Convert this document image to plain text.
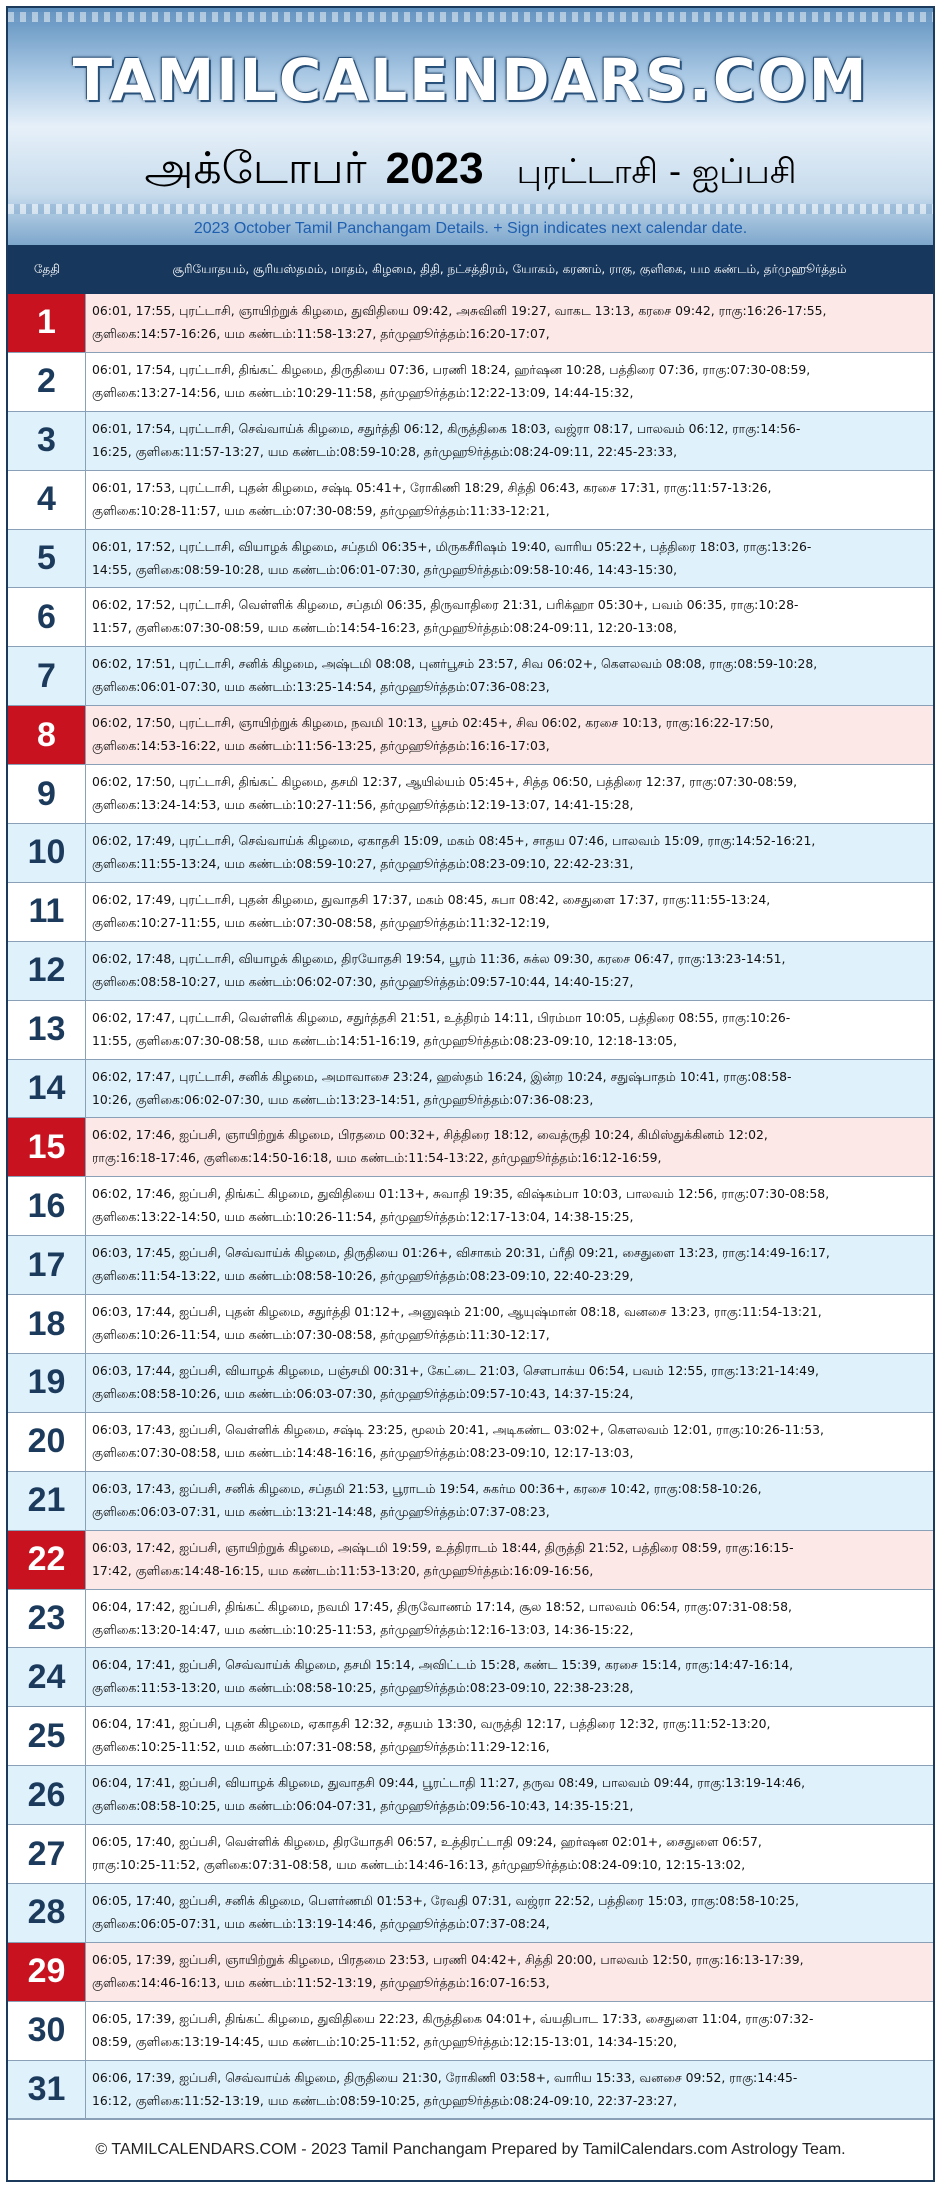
TAMILCALENDARS.COM
அக்டோபர் 2023 புரட்டாசி - ஐப்பசி
2023 October Tamil Panchangam Details. + Sign indicates next calendar date.
தேதி	சூரியோதயம், சூரியஸ்தமம், மாதம், கிழமை, திதி, நட்சத்திரம், யோகம், கரணம், ராகு, குளிகை, யம கண்டம், தர்முஹூர்த்தம்
1	06:01, 17:55, புரட்டாசி, ஞாயிற்றுக் கிழமை, துவிதியை 09:42, அசுவினி 19:27, வாகட 13:13, கரசை 09:42, ராகு:16:26-17:55,
குளிகை:14:57-16:26, யம கண்டம்:11:58-13:27, தர்முஹூர்த்தம்:16:20-17:07,
2	06:01, 17:54, புரட்டாசி, திங்கட் கிழமை, திருதியை 07:36, பரணி 18:24, ஹர்ஷன 10:28, பத்திரை 07:36, ராகு:07:30-08:59,
குளிகை:13:27-14:56, யம கண்டம்:10:29-11:58, தர்முஹூர்த்தம்:12:22-13:09, 14:44-15:32,
3	06:01, 17:54, புரட்டாசி, செவ்வாய்க் கிழமை, சதுர்த்தி 06:12, கிருத்திகை 18:03, வஜ்ரா 08:17, பாலவம் 06:12, ராகு:14:56-
16:25, குளிகை:11:57-13:27, யம கண்டம்:08:59-10:28, தர்முஹூர்த்தம்:08:24-09:11, 22:45-23:33,
4	06:01, 17:53, புரட்டாசி, புதன் கிழமை, சஷ்டி 05:41+, ரோகிணி 18:29, சித்தி 06:43, கரசை 17:31, ராகு:11:57-13:26,
குளிகை:10:28-11:57, யம கண்டம்:07:30-08:59, தர்முஹூர்த்தம்:11:33-12:21,
5	06:01, 17:52, புரட்டாசி, வியாழக் கிழமை, சப்தமி 06:35+, மிருகசீரிஷம் 19:40, வாரிய 05:22+, பத்திரை 18:03, ராகு:13:26-
14:55, குளிகை:08:59-10:28, யம கண்டம்:06:01-07:30, தர்முஹூர்த்தம்:09:58-10:46, 14:43-15:30,
6	06:02, 17:52, புரட்டாசி, வெள்ளிக் கிழமை, சப்தமி 06:35, திருவாதிரை 21:31, பரிக்ஹா 05:30+, பவம் 06:35, ராகு:10:28-
11:57, குளிகை:07:30-08:59, யம கண்டம்:14:54-16:23, தர்முஹூர்த்தம்:08:24-09:11, 12:20-13:08,
7	06:02, 17:51, புரட்டாசி, சனிக் கிழமை, அஷ்டமி 08:08, புனர்பூசம் 23:57, சிவ 06:02+, கௌலவம் 08:08, ராகு:08:59-10:28,
குளிகை:06:01-07:30, யம கண்டம்:13:25-14:54, தர்முஹூர்த்தம்:07:36-08:23,
8	06:02, 17:50, புரட்டாசி, ஞாயிற்றுக் கிழமை, நவமி 10:13, பூசம் 02:45+, சிவ 06:02, கரசை 10:13, ராகு:16:22-17:50,
குளிகை:14:53-16:22, யம கண்டம்:11:56-13:25, தர்முஹூர்த்தம்:16:16-17:03,
9	06:02, 17:50, புரட்டாசி, திங்கட் கிழமை, தசமி 12:37, ஆயில்யம் 05:45+, சித்த 06:50, பத்திரை 12:37, ராகு:07:30-08:59,
குளிகை:13:24-14:53, யம கண்டம்:10:27-11:56, தர்முஹூர்த்தம்:12:19-13:07, 14:41-15:28,
10	06:02, 17:49, புரட்டாசி, செவ்வாய்க் கிழமை, ஏகாதசி 15:09, மகம் 08:45+, சாதய 07:46, பாலவம் 15:09, ராகு:14:52-16:21,
குளிகை:11:55-13:24, யம கண்டம்:08:59-10:27, தர்முஹூர்த்தம்:08:23-09:10, 22:42-23:31,
11	06:02, 17:49, புரட்டாசி, புதன் கிழமை, துவாதசி 17:37, மகம் 08:45, சுபா 08:42, சைதுளை 17:37, ராகு:11:55-13:24,
குளிகை:10:27-11:55, யம கண்டம்:07:30-08:58, தர்முஹூர்த்தம்:11:32-12:19,
12	06:02, 17:48, புரட்டாசி, வியாழக் கிழமை, திரயோதசி 19:54, பூரம் 11:36, சுக்ல 09:30, கரசை 06:47, ராகு:13:23-14:51,
குளிகை:08:58-10:27, யம கண்டம்:06:02-07:30, தர்முஹூர்த்தம்:09:57-10:44, 14:40-15:27,
13	06:02, 17:47, புரட்டாசி, வெள்ளிக் கிழமை, சதுர்த்தசி 21:51, உத்திரம் 14:11, பிரம்மா 10:05, பத்திரை 08:55, ராகு:10:26-
11:55, குளிகை:07:30-08:58, யம கண்டம்:14:51-16:19, தர்முஹூர்த்தம்:08:23-09:10, 12:18-13:05,
14	06:02, 17:47, புரட்டாசி, சனிக் கிழமை, அமாவாசை 23:24, ஹஸ்தம் 16:24, இன்ற 10:24, சதுஷ்பாதம் 10:41, ராகு:08:58-
10:26, குளிகை:06:02-07:30, யம கண்டம்:13:23-14:51, தர்முஹூர்த்தம்:07:36-08:23,
15	06:02, 17:46, ஐப்பசி, ஞாயிற்றுக் கிழமை, பிரதமை 00:32+, சித்திரை 18:12, வைத்ருதி 10:24, கிமிஸ்துக்கினம் 12:02,
ராகு:16:18-17:46, குளிகை:14:50-16:18, யம கண்டம்:11:54-13:22, தர்முஹூர்த்தம்:16:12-16:59,
16	06:02, 17:46, ஐப்பசி, திங்கட் கிழமை, துவிதியை 01:13+, சுவாதி 19:35, விஷ்கம்பா 10:03, பாலவம் 12:56, ராகு:07:30-08:58,
குளிகை:13:22-14:50, யம கண்டம்:10:26-11:54, தர்முஹூர்த்தம்:12:17-13:04, 14:38-15:25,
17	06:03, 17:45, ஐப்பசி, செவ்வாய்க் கிழமை, திருதியை 01:26+, விசாகம் 20:31, ப்ரீதி 09:21, சைதுளை 13:23, ராகு:14:49-16:17,
குளிகை:11:54-13:22, யம கண்டம்:08:58-10:26, தர்முஹூர்த்தம்:08:23-09:10, 22:40-23:29,
18	06:03, 17:44, ஐப்பசி, புதன் கிழமை, சதுர்த்தி 01:12+, அனுஷம் 21:00, ஆயுஷ்மான் 08:18, வனசை 13:23, ராகு:11:54-13:21,
குளிகை:10:26-11:54, யம கண்டம்:07:30-08:58, தர்முஹூர்த்தம்:11:30-12:17,
19	06:03, 17:44, ஐப்பசி, வியாழக் கிழமை, பஞ்சமி 00:31+, கேட்டை 21:03, சௌபாக்ய 06:54, பவம் 12:55, ராகு:13:21-14:49,
குளிகை:08:58-10:26, யம கண்டம்:06:03-07:30, தர்முஹூர்த்தம்:09:57-10:43, 14:37-15:24,
20	06:03, 17:43, ஐப்பசி, வெள்ளிக் கிழமை, சஷ்டி 23:25, மூலம் 20:41, அடிகண்ட 03:02+, கௌலவம் 12:01, ராகு:10:26-11:53,
குளிகை:07:30-08:58, யம கண்டம்:14:48-16:16, தர்முஹூர்த்தம்:08:23-09:10, 12:17-13:03,
21	06:03, 17:43, ஐப்பசி, சனிக் கிழமை, சப்தமி 21:53, பூராடம் 19:54, சுகர்ம 00:36+, கரசை 10:42, ராகு:08:58-10:26,
குளிகை:06:03-07:31, யம கண்டம்:13:21-14:48, தர்முஹூர்த்தம்:07:37-08:23,
22	06:03, 17:42, ஐப்பசி, ஞாயிற்றுக் கிழமை, அஷ்டமி 19:59, உத்திராடம் 18:44, திருத்தி 21:52, பத்திரை 08:59, ராகு:16:15-
17:42, குளிகை:14:48-16:15, யம கண்டம்:11:53-13:20, தர்முஹூர்த்தம்:16:09-16:56,
23	06:04, 17:42, ஐப்பசி, திங்கட் கிழமை, நவமி 17:45, திருவோணம் 17:14, சூல 18:52, பாலவம் 06:54, ராகு:07:31-08:58,
குளிகை:13:20-14:47, யம கண்டம்:10:25-11:53, தர்முஹூர்த்தம்:12:16-13:03, 14:36-15:22,
24	06:04, 17:41, ஐப்பசி, செவ்வாய்க் கிழமை, தசமி 15:14, அவிட்டம் 15:28, கண்ட 15:39, கரசை 15:14, ராகு:14:47-16:14,
குளிகை:11:53-13:20, யம கண்டம்:08:58-10:25, தர்முஹூர்த்தம்:08:23-09:10, 22:38-23:28,
25	06:04, 17:41, ஐப்பசி, புதன் கிழமை, ஏகாதசி 12:32, சதயம் 13:30, வருத்தி 12:17, பத்திரை 12:32, ராகு:11:52-13:20,
குளிகை:10:25-11:52, யம கண்டம்:07:31-08:58, தர்முஹூர்த்தம்:11:29-12:16,
26	06:04, 17:41, ஐப்பசி, வியாழக் கிழமை, துவாதசி 09:44, பூரட்டாதி 11:27, தருவ 08:49, பாலவம் 09:44, ராகு:13:19-14:46,
குளிகை:08:58-10:25, யம கண்டம்:06:04-07:31, தர்முஹூர்த்தம்:09:56-10:43, 14:35-15:21,
27	06:05, 17:40, ஐப்பசி, வெள்ளிக் கிழமை, திரயோதசி 06:57, உத்திரட்டாதி 09:24, ஹர்ஷன 02:01+, சைதுளை 06:57,
ராகு:10:25-11:52, குளிகை:07:31-08:58, யம கண்டம்:14:46-16:13, தர்முஹூர்த்தம்:08:24-09:10, 12:15-13:02,
28	06:05, 17:40, ஐப்பசி, சனிக் கிழமை, பௌர்ணமி 01:53+, ரேவதி 07:31, வஜ்ரா 22:52, பத்திரை 15:03, ராகு:08:58-10:25,
குளிகை:06:05-07:31, யம கண்டம்:13:19-14:46, தர்முஹூர்த்தம்:07:37-08:24,
29	06:05, 17:39, ஐப்பசி, ஞாயிற்றுக் கிழமை, பிரதமை 23:53, பரணி 04:42+, சித்தி 20:00, பாலவம் 12:50, ராகு:16:13-17:39,
குளிகை:14:46-16:13, யம கண்டம்:11:52-13:19, தர்முஹூர்த்தம்:16:07-16:53,
30	06:05, 17:39, ஐப்பசி, திங்கட் கிழமை, துவிதியை 22:23, கிருத்திகை 04:01+, வ்யதிபாட 17:33, சைதுளை 11:04, ராகு:07:32-
08:59, குளிகை:13:19-14:45, யம கண்டம்:10:25-11:52, தர்முஹூர்த்தம்:12:15-13:01, 14:34-15:20,
31	06:06, 17:39, ஐப்பசி, செவ்வாய்க் கிழமை, திருதியை 21:30, ரோகிணி 03:58+, வாரிய 15:33, வனசை 09:52, ராகு:14:45-
16:12, குளிகை:11:52-13:19, யம கண்டம்:08:59-10:25, தர்முஹூர்த்தம்:08:24-09:10, 22:37-23:27,
© TAMILCALENDARS.COM - 2023 Tamil Panchangam Prepared by TamilCalendars.com Astrology Team.
